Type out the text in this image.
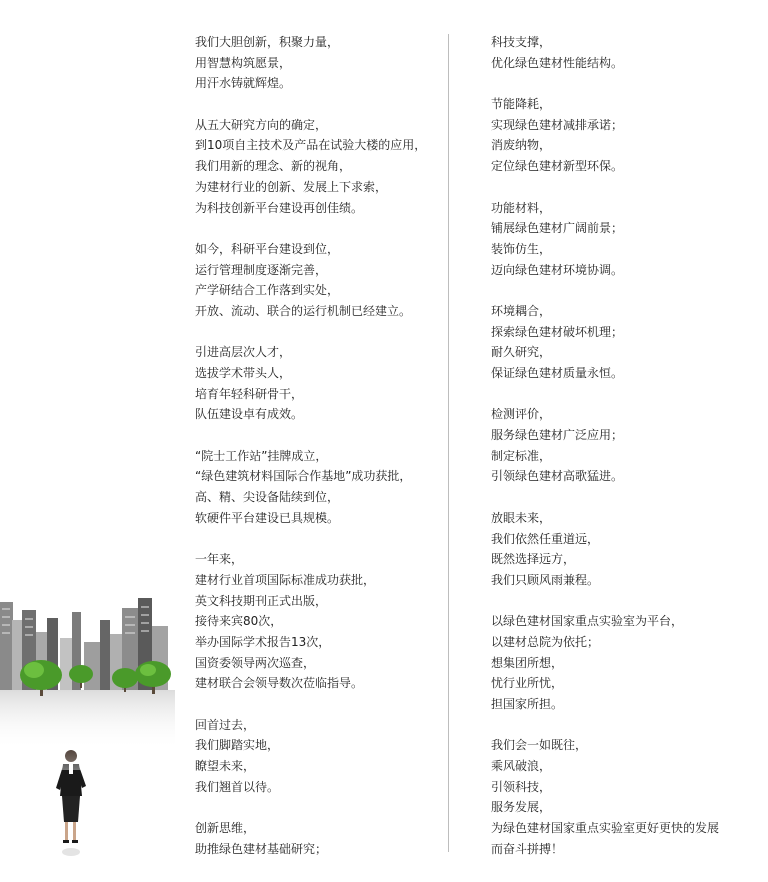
我们大胆创新，积聚力量，
用智慧构筑愿景，
用汗水铸就辉煌。
从五大研究方向的确定，
到10项自主技术及产品在试验大楼的应用，
我们用新的理念、新的视角，
为建材行业的创新、发展上下求索，
为科技创新平台建设再创佳绩。
如今，科研平台建设到位，
运行管理制度逐渐完善，
产学研结合工作落到实处，
开放、流动、联合的运行机制已经建立。
引进高层次人才，
选拔学术带头人，
培育年轻科研骨干，
队伍建设卓有成效。
“院士工作站”挂牌成立，
“绿色建筑材料国际合作基地”成功获批，
高、精、尖设备陆续到位，
软硬件平台建设已具规模。
一年来，
建材行业首项国际标准成功获批，
英文科技期刊正式出版，
接待来宾80次，
举办国际学术报告13次，
国资委领导两次巡查，
建材联合会领导数次莅临指导。
回首过去，
我们脚踏实地，
瞭望未来，
我们翘首以待。
创新思维，
助推绿色建材基础研究；
科技支撑，
优化绿色建材性能结构。
节能降耗，
实现绿色建材减排承诺；
消废纳物，
定位绿色建材新型环保。
功能材料，
铺展绿色建材广阔前景；
装饰仿生，
迈向绿色建材环境协调。
环境耦合，
探索绿色建材破坏机理；
耐久研究，
保证绿色建材质量永恒。
检测评价，
服务绿色建材广泛应用；
制定标准，
引领绿色建材高歌猛进。
放眼未来，
我们依然任重道远，
既然选择远方，
我们只顾风雨兼程。
以绿色建材国家重点实验室为平台，
以建材总院为依托；
想集团所想，
忧行业所忧，
担国家所担。
我们会一如既往，
乘风破浪，
引领科技，
服务发展，
为绿色建材国家重点实验室更好更快的发展
而奋斗拼搏！
